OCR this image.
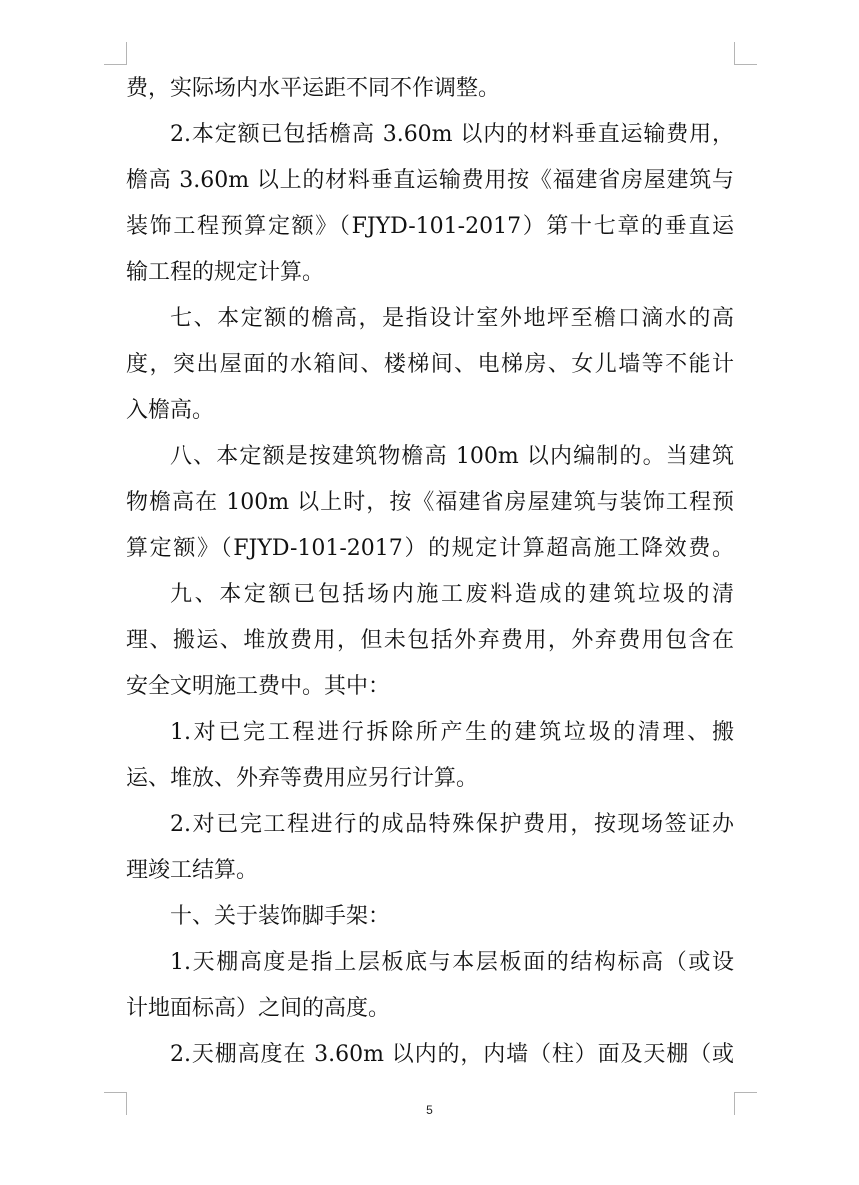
费，实际场内水平运距不同不作调整。
2.本定额已包括檐高 3.60m 以内的材料垂直运输费用，
檐高 3.60m 以上的材料垂直运输费用按《福建省房屋建筑与
装饰工程预算定额》（FJYD-101-2017）第十七章的垂直运
输工程的规定计算。
七、本定额的檐高，是指设计室外地坪至檐口滴水的高
度，突出屋面的水箱间、楼梯间、电梯房、女儿墙等不能计
入檐高。
八、本定额是按建筑物檐高 100m 以内编制的。当建筑
物檐高在 100m 以上时，按《福建省房屋建筑与装饰工程预
算定额》（FJYD-101-2017）的规定计算超高施工降效费。
九、本定额已包括场内施工废料造成的建筑垃圾的清
理、搬运、堆放费用，但未包括外弃费用，外弃费用包含在
安全文明施工费中。其中：
1.对已完工程进行拆除所产生的建筑垃圾的清理、搬
运、堆放、外弃等费用应另行计算。
2.对已完工程进行的成品特殊保护费用，按现场签证办
理竣工结算。
十、关于装饰脚手架：
1.天棚高度是指上层板底与本层板面的结构标高（或设
计地面标高）之间的高度。
2.天棚高度在 3.60m 以内的，内墙（柱）面及天棚（或
5
